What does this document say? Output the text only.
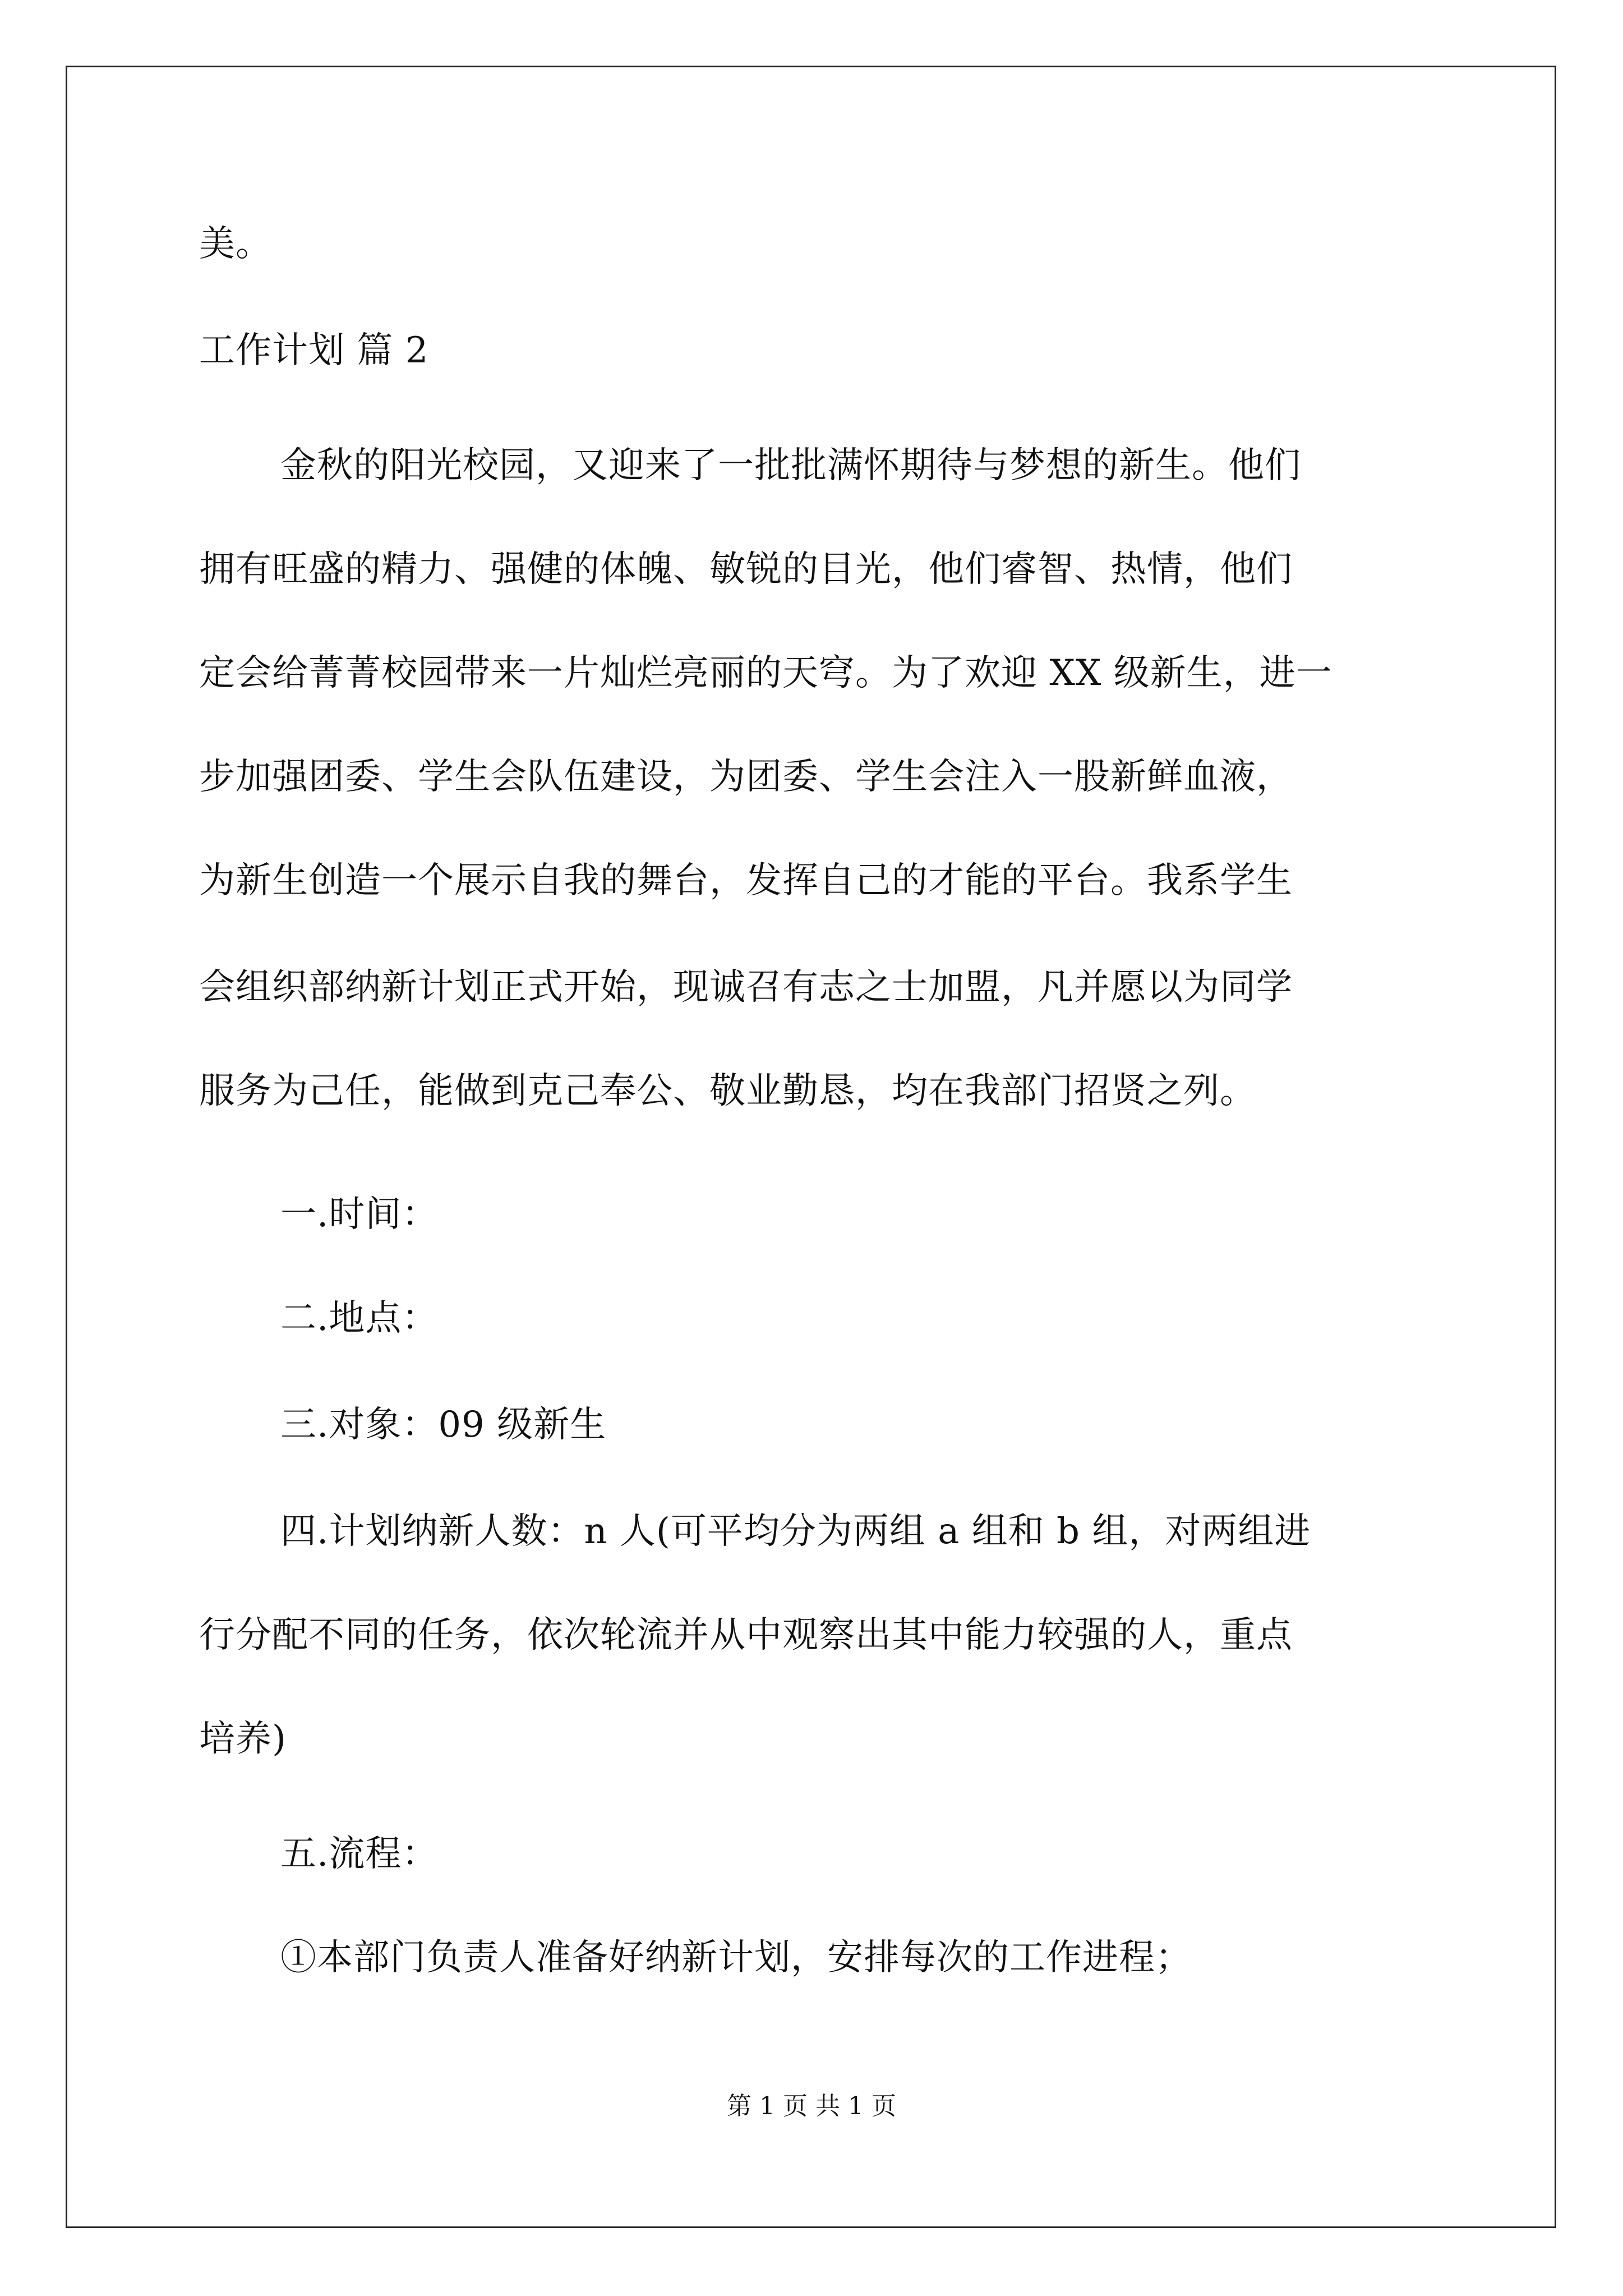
美。
工作计划 篇 2
金秋的阳光校园，又迎来了一批批满怀期待与梦想的新生。他们
拥有旺盛的精力、强健的体魄、敏锐的目光，他们睿智、热情，他们
定会给菁菁校园带来一片灿烂亮丽的天穹。为了欢迎 XX 级新生，进一
步加强团委、学生会队伍建设，为团委、学生会注入一股新鲜血液，
为新生创造一个展示自我的舞台，发挥自己的才能的平台。我系学生
会组织部纳新计划正式开始，现诚召有志之士加盟，凡并愿以为同学
服务为己任，能做到克己奉公、敬业勤恳，均在我部门招贤之列。
一.时间：
二.地点：
三.对象：09 级新生
四.计划纳新人数：n 人(可平均分为两组 a 组和 b 组，对两组进
行分配不同的任务，依次轮流并从中观察出其中能力较强的人，重点
培养)
五.流程：
①本部门负责人准备好纳新计划，安排每次的工作进程；
第 1 页 共 1 页
